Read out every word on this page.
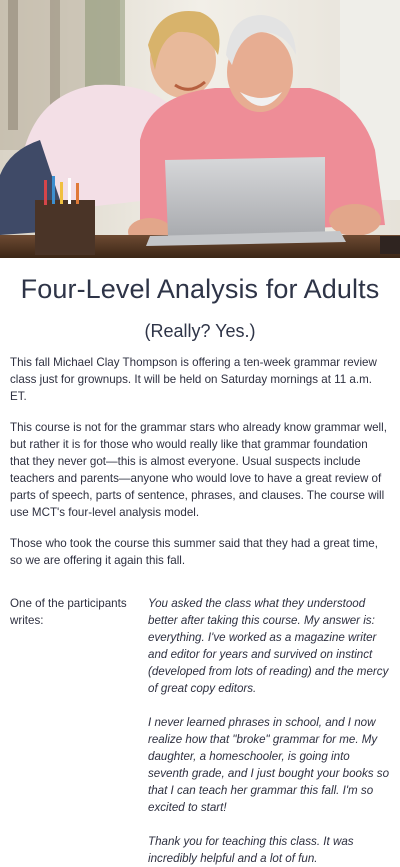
Four-Level Analysis for Adults
(Really? Yes.)

This fall Michael Clay Thompson is offering a ten-week grammar review class just for grownups. It will be held on Saturday mornings at 11 a.m. ET.

This course is not for the grammar stars who already know grammar well, but rather it is for those who would really like that grammar foundation that they never got—this is almost everyone. Usual suspects include teachers and parents—anyone who would love to have a great review of parts of speech, parts of sentence, phrases, and clauses. The course will use MCT's four-level analysis model.

Those who took the course this summer said that they had a great time, so we are offering it again this fall.

One of the participants writes:

You asked the class what they understood better after taking this course. My answer is: everything. I've worked as a magazine writer and editor for years and survived on instinct (developed from lots of reading) and the mercy of great copy editors.

I never learned phrases in school, and I now realize how that "broke" grammar for me. My daughter, a homeschooler, is going into seventh grade, and I just bought your books so that I can teach her grammar this fall. I'm so excited to start!

Thank you for teaching this class. It was incredibly helpful and a lot of fun.
